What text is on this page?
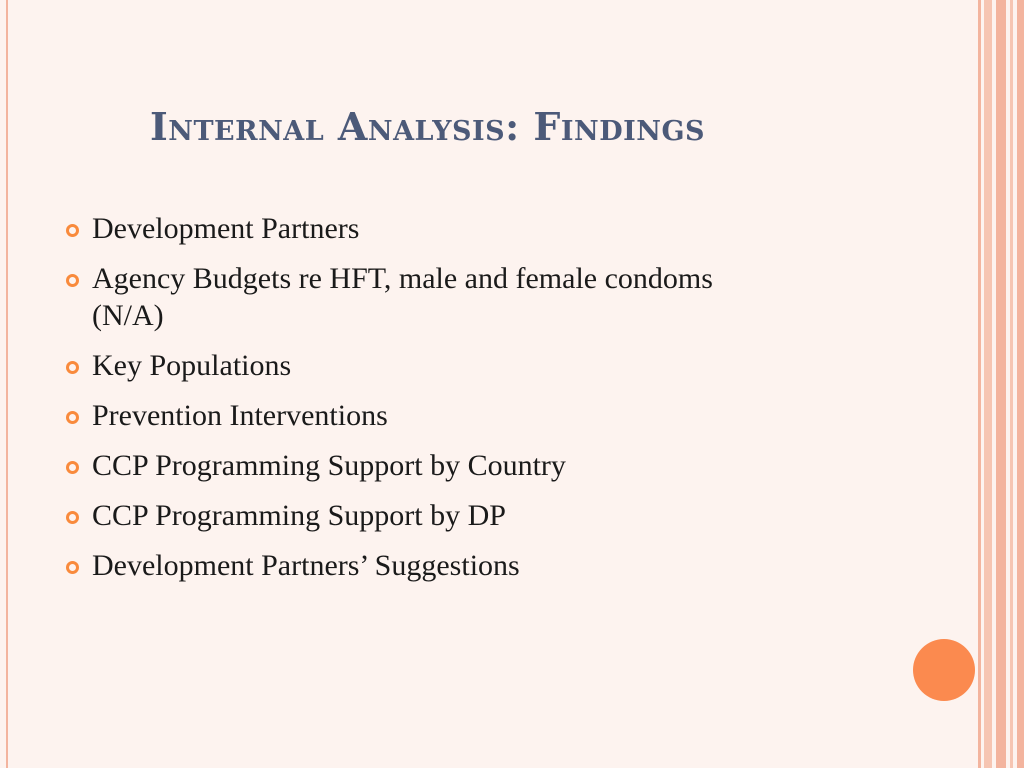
Internal Analysis: Findings
Development Partners
Agency Budgets re HFT, male and female condoms (N/A)
Key Populations
Prevention Interventions
CCP Programming Support by Country
CCP Programming Support by DP
Development Partners’ Suggestions
